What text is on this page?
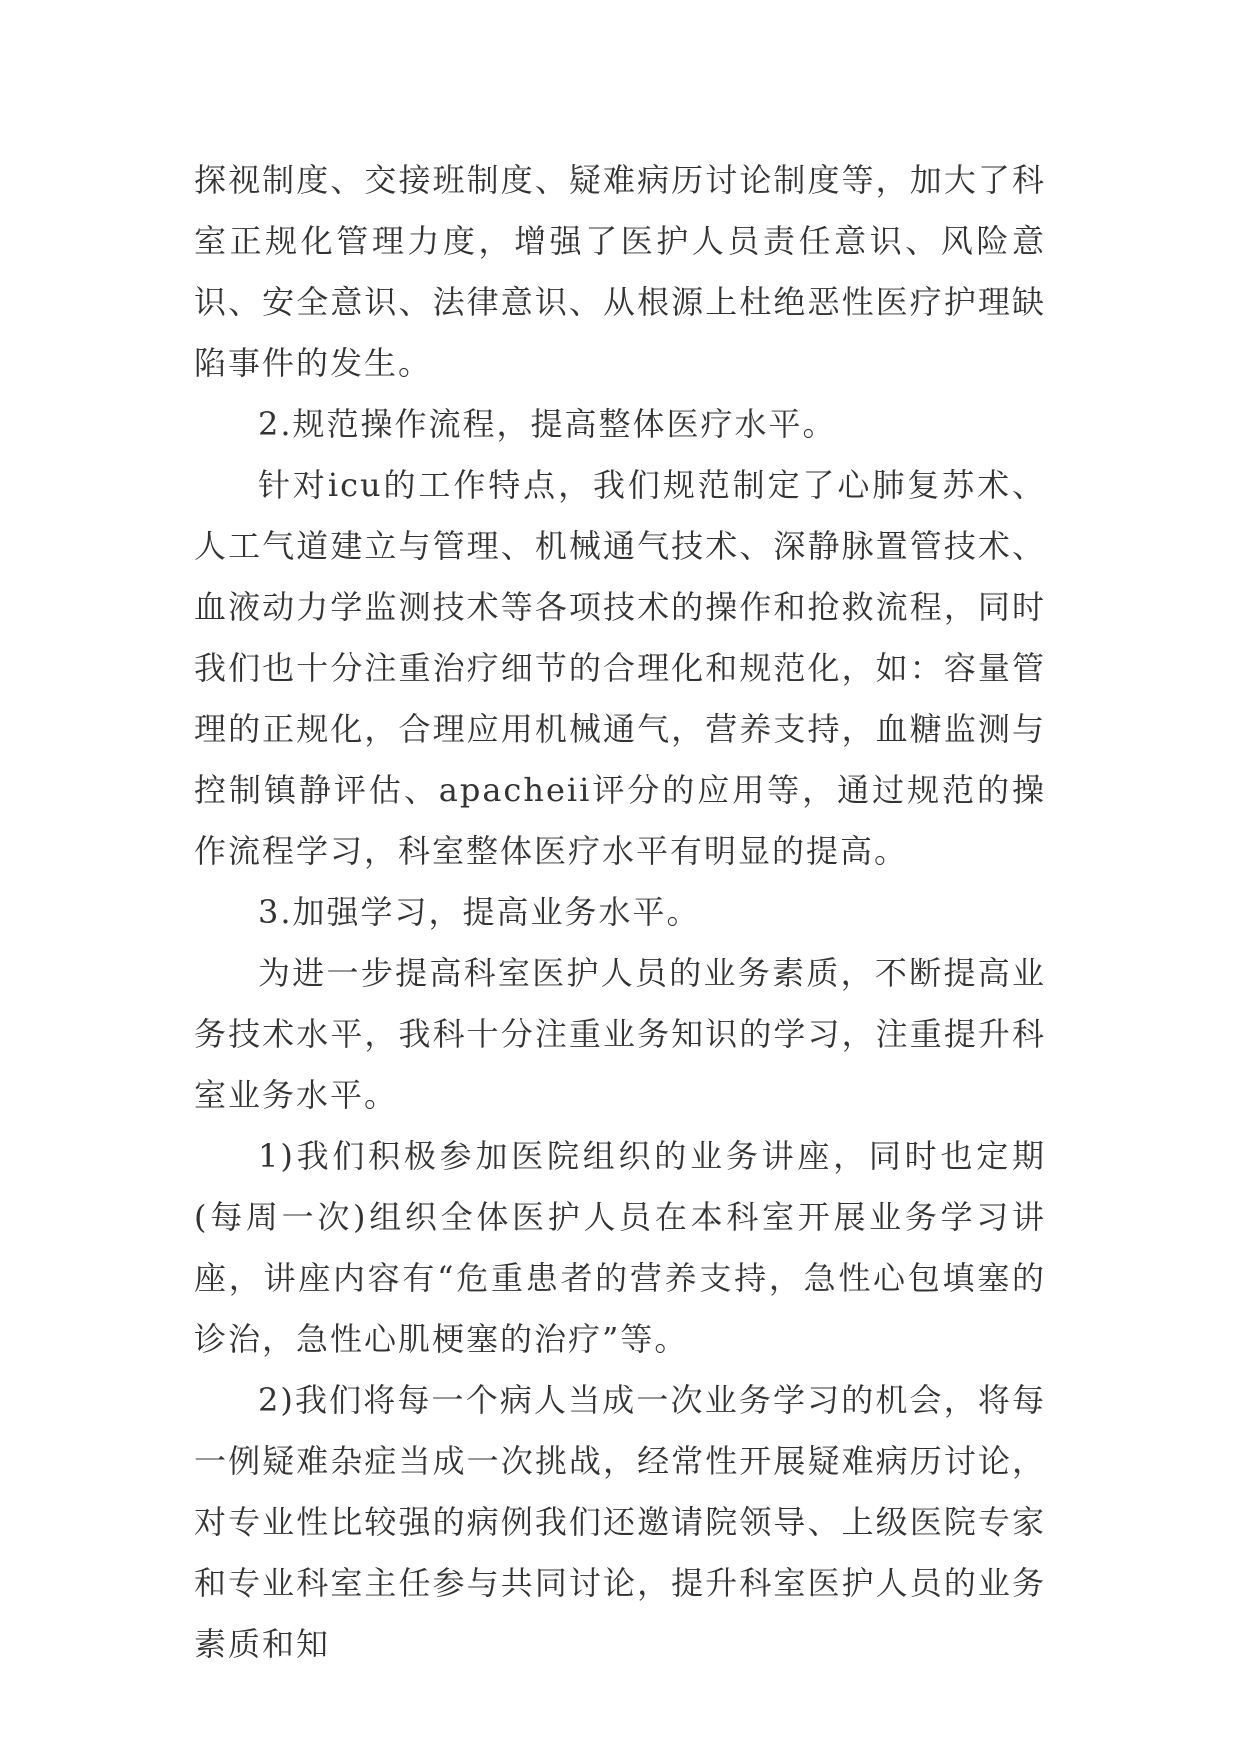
探视制度、交接班制度、疑难病历讨论制度等，加大了科室正规化管理力度，增强了医护人员责任意识、风险意识、安全意识、法律意识、从根源上杜绝恶性医疗护理缺陷事件的发生。

2.规范操作流程，提高整体医疗水平。

针对icu的工作特点，我们规范制定了心肺复苏术、人工气道建立与管理、机械通气技术、深静脉置管技术、血液动力学监测技术等各项技术的操作和抢救流程，同时我们也十分注重治疗细节的合理化和规范化，如：容量管理的正规化，合理应用机械通气，营养支持，血糖监测与控制镇静评估、apacheii评分的应用等，通过规范的操作流程学习，科室整体医疗水平有明显的提高。

3.加强学习，提高业务水平。

为进一步提高科室医护人员的业务素质，不断提高业务技术水平，我科十分注重业务知识的学习，注重提升科室业务水平。

1)我们积极参加医院组织的业务讲座，同时也定期(每周一次)组织全体医护人员在本科室开展业务学习讲座，讲座内容有“危重患者的营养支持，急性心包填塞的诊治，急性心肌梗塞的治疗”等。

2)我们将每一个病人当成一次业务学习的机会，将每一例疑难杂症当成一次挑战，经常性开展疑难病历讨论，对专业性比较强的病例我们还邀请院领导、上级医院专家和专业科室主任参与共同讨论，提升科室医护人员的业务素质和知
